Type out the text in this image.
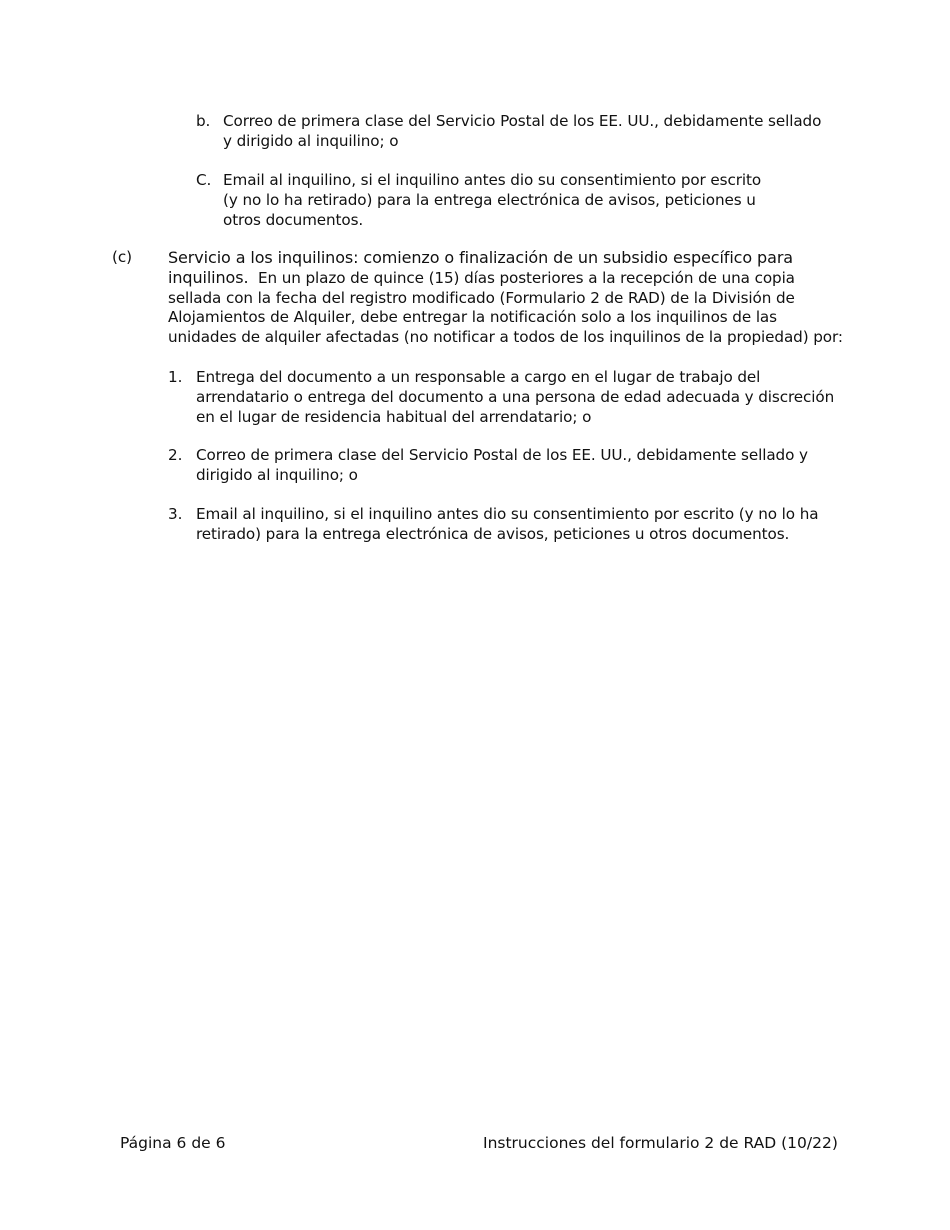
b. Correo de primera clase del Servicio Postal de los EE. UU., debidamente sellado
y dirigido al inquilino; o
C. Email al inquilino, si el inquilino antes dio su consentimiento por escrito
(y no lo ha retirado) para la entrega electrónica de avisos, peticiones u
otros documentos.
(c) Servicio a los inquilinos: comienzo o finalización de un subsidio específico para
inquilinos. En un plazo de quince (15) días posteriores a la recepción de una copia
sellada con la fecha del registro modificado (Formulario 2 de RAD) de la División de
Alojamientos de Alquiler, debe entregar la notificación solo a los inquilinos de las
unidades de alquiler afectadas (no notificar a todos de los inquilinos de la propiedad) por:
1. Entrega del documento a un responsable a cargo en el lugar de trabajo del
arrendatario o entrega del documento a una persona de edad adecuada y discreción
en el lugar de residencia habitual del arrendatario; o
2. Correo de primera clase del Servicio Postal de los EE. UU., debidamente sellado y
dirigido al inquilino; o
3. Email al inquilino, si el inquilino antes dio su consentimiento por escrito (y no lo ha
retirado) para la entrega electrónica de avisos, peticiones u otros documentos.
Página 6 de 6	Instrucciones del formulario 2 de RAD (10/22)
